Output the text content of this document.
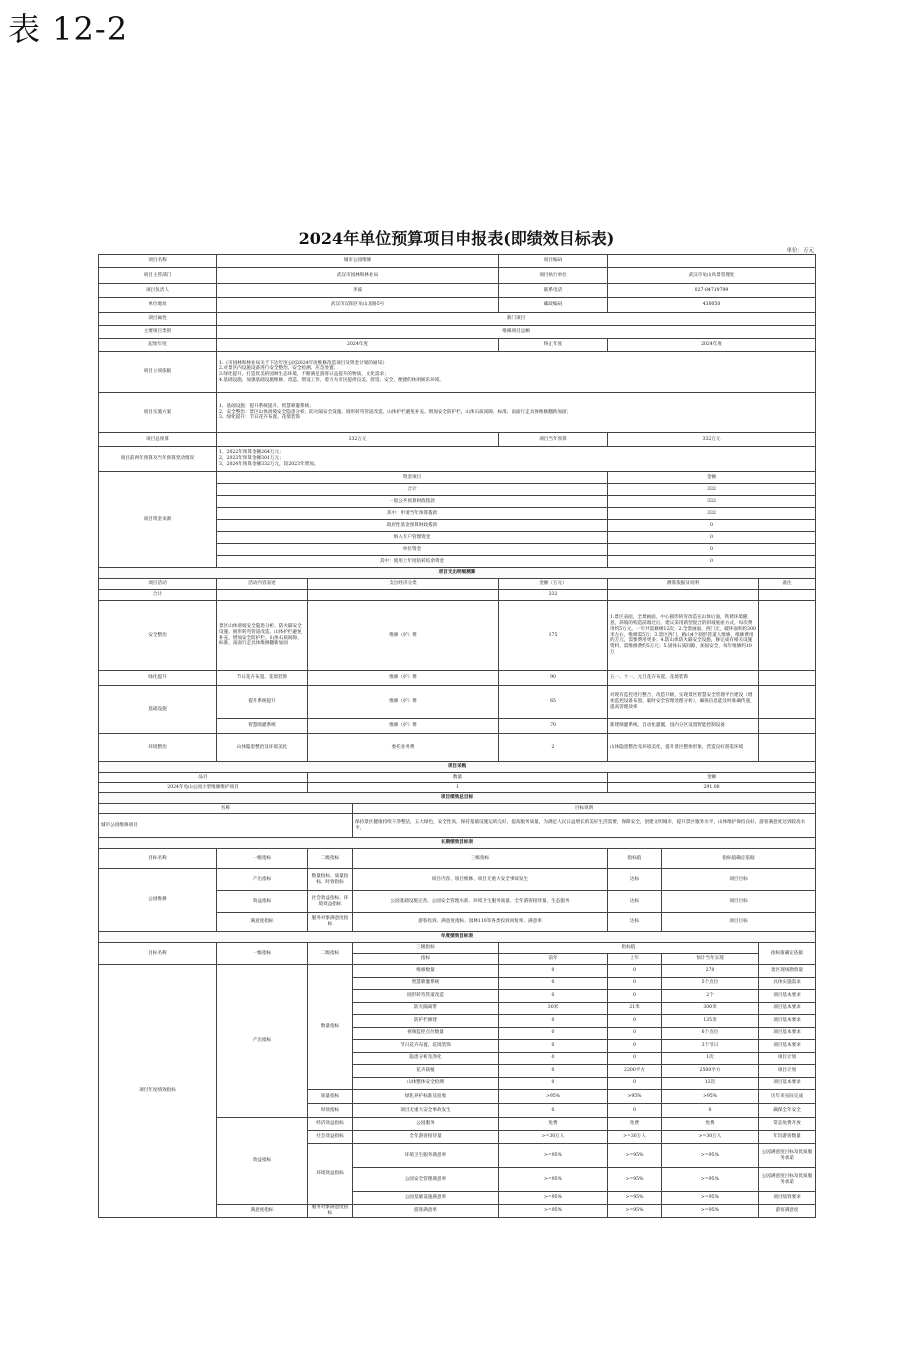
表 12-2
2024年单位预算项目申报表(即绩效目标表)
单位：万元
项目名称	城市公园维修			项目编码			
项目主管部门	武汉市园林和林业局			项目执行单位	武汉市龟山风景管理处		
项目负责人	李波			联系电话	027-84719799		
单位地址	武汉市汉阳区龟山北路5号			邮政编码	430050		
项目属性	新门项目						
主要项目类别	维修项目总额						
起始年度	2024年度			终止年度	2024年度		
项目立项依据	1.《市园林和林业局关于下达年度公园2024年度维修改造项目及资金计划的通知》
2.对景区内设施设备进行安全整治、安全检测、应急处置；
3.绿化提升，打造优美的园林生态环境，不断满足游客日益提升的物质、文化需求；
4.基础设施、加强基础设施维修、改造、增设工作，着力为市民提供良美、舒适、安全、便捷的休闲娱乐环境。						

项目实施方案	1、基础设施：提升系统提升、智慧喷灌系统；
2、安全整治：景区山体滑坡安全隐患分析、防火隔安全设施、圆形转弯管道改造、山体护栏避免补充、增加安全防护栏、山体石质间隙、标准、南面行走具体维修翻新加固；
3、绿化提升：节日花卉布置、花境装饰						

项目总预算	332万元			项目当年预算	332万元		
项目前两年预算及当年预算变动情况	1、2022年预算金额264万元；
2、2023年预算金额301万元；
3、2024年预算金额332万元，较2023年增加。						

项目资金来源	资金项目				金额		
	合计				332		
	一般公共预算财政拨款				332		
	其中：申请当年预算拨款				332		
	政府性基金预算财政拨款				0		
	纳入专户管理资金				0		
	单位资金				0		
	其中：使用上年度结转结余资金				0		
项目支出明细测算							
项目活动	活动内容表述	支出经济分类		金额（万元）	测算依据及说明		备注
合计				332			
安全整治	景区山体滑坡安全隐患分析、防火隔安全设施、圆形转弯管道改造、山体护栏避免补充、增加安全防护栏、山体石质间隙、标准、南面行走具体维修翻新加固	维修（护）费		175	1.景区表面，全景画面，中心圆形转弯改造在山体后面，铁锈环境随意，斜坡的构造前端过后，建议采用新型混合的斜坡底座方式，每次费用约5万元。一年共需修缮12次；2.全景画面，西门无，破坏面积约300米左右，维修需5万；3.景区西门，路山4个圆形管道人维修，维修费用约万元，需要费用更多；4.防山体防火隔安全设施，修完成有相关设施资料，需维修费约5万元；5.固体石质间隙，加固安全、每年维修约10万		
绿化提升	节日花卉布置、花境装饰	维修（护）费		90	五一、十一、元旦花卉布置、花境装饰		
基础设施	提升系统提升	维修（护）费		65	对现有监控进行整合，改造升级，实现景区智慧安全管理平台建设（增加监控设备布置、临时安全管理处理分析），确保信息能及时准确传递，提高管理效率		
	智慧喷灌系统	维修（护）费		70	新建喷灌系统，自动化灌溉，园内分区设置智能控制设备		
环境整治	山体隐患整治及环境美化	委托业务费		2	山体隐患整治及环境美化，提升景区整体形象，营造良好游览环境		
项目采购							
品目		数量			金额		
2024年龟山公园小型维修维护项目		1			291.00		
项目绩效总目标							
名称			目标说明				
城市公园维修项目			保持景区健康持续干净整洁，五大绿色，安全性高，保持基础设施运转完好，提高服务质量，为满足人民日益增长的美好生活需要，保障安全，创建文明城市，提升景区服务水平，山体维护保持良好，游客满意度达到较高水平。				
长期绩效目标表							
目标名称	一级指标	二级指标	三级指标		指标值	指标值确定依据	
公园维修	产出指标	数量指标、质量指标、时效指标	项目内容、项目维修、项目无重大安全事故发生		达标	项目目标	
	效益指标	社会效益指标、环境效益指标	公园基础设施完善、公园安全管理水准、环境卫生服务质量、全年游客接待量、生态服务		达标	项目目标	
	满意度指标	服务对象满意度指标	游客投诉、满意度指标、园林110等各类投诉回复率、满意率		达标	项目目标	
年度绩效目标表							
目标名称	一级指标	二级指标	三级指标	指标值			指标值确定依据
			指标	前年	上年	预计当年实现	
项目年度绩效指标	产出指标	数量指标	维修数量	0	0	270	景区现场勘察量
			智慧喷灌系统	0	0	5个点位	具体实施需求
			圆形转弯管道改造	0	0	2个	项目基本要求
			防火隔离带	30米	21米	300米	项目基本要求
			防护栏修建	0	0	135米	项目基本要求
			视频监控点位数量	0	0	6个点位	项目基本要求
			节日花卉布置、花境装饰	0	0	3个节日	项目基本要求
			隐患分析及净化	0	0	1次	项目计划
			花卉栽植	0	2200平方	2500平方	项目计划
			山体整体安全检测	0	0	12次	项目基本要求
		质量指标	绿化养护标准及验收	>95%	>95%	>95%	历年来实际完成
		时效指标	项目无重大安全事故发生	0	0	0	确保全年安全
	效益指标	经济效益指标	公园服务	免费	免费	免费	常态免费开放
		社会效益指标	全年游客接待量	>=30万人	>=30万人	>=30万人	年均游客数量
		环境效益指标	环境卫生服务满意率	>=95%	>=95%	>=95%	公园满意度目标及优质服务承诺
			公园安全管理满意率	>=95%	>=95%	>=95%	公园满意度目标及优质服务承诺
			公园基础设施满意率	>=95%	>=95%	>=95%	项目绩效要求
	满意度指标	服务对象满意度指标	游客满意率	>=95%	>=95%	>=95%	游客满意度
